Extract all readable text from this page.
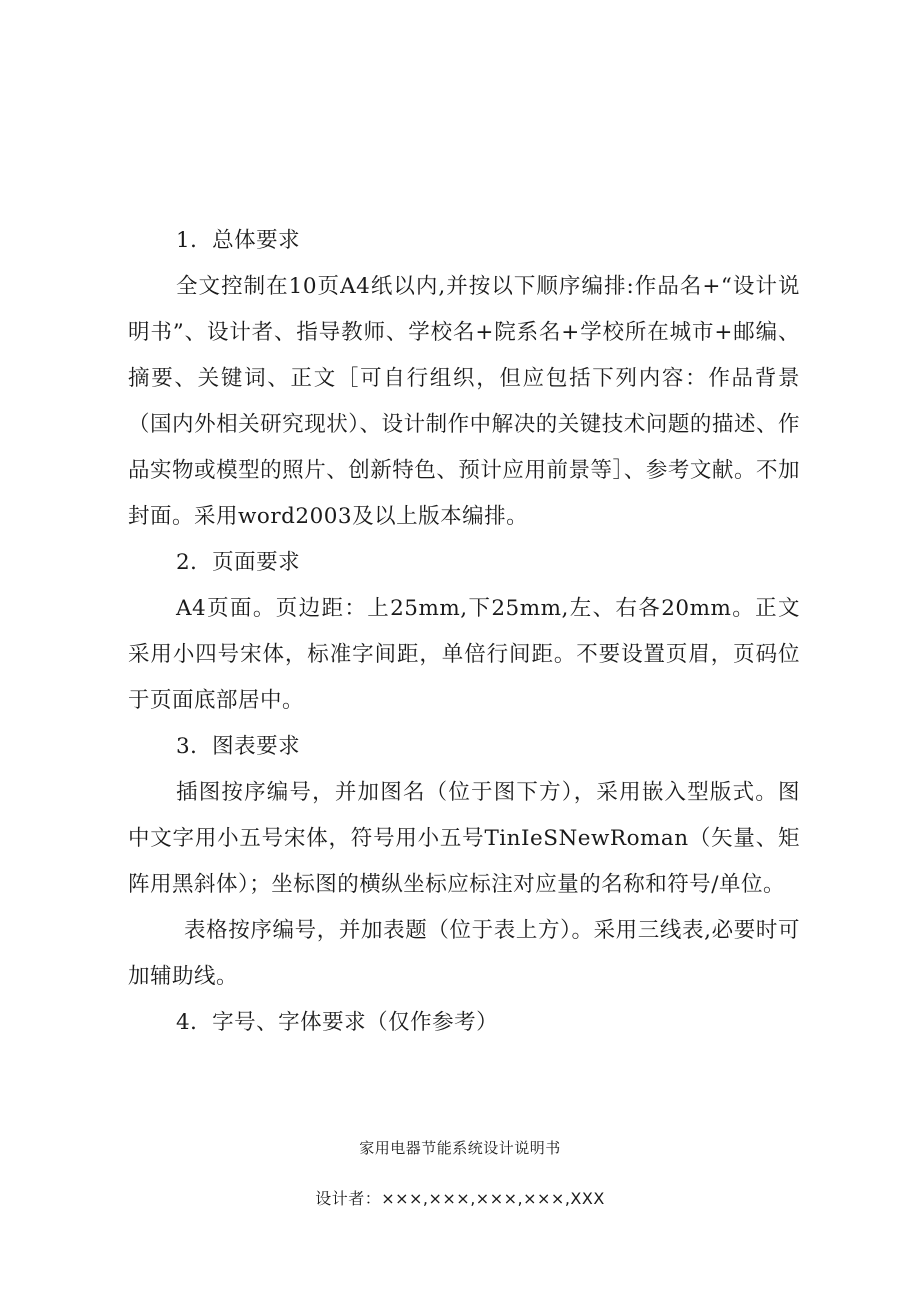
1．总体要求

全文控制在10页A4纸以内,并按以下顺序编排:作品名+“设计说明书”、设计者、指导教师、学校名+院系名+学校所在城市+邮编、摘要、关键词、正文［可自行组织，但应包括下列内容：作品背景（国内外相关研究现状）、设计制作中解决的关键技术问题的描述、作品实物或模型的照片、创新特色、预计应用前景等］、参考文献。不加封面。采用word2003及以上版本编排。

2．页面要求

A4页面。页边距：上25mm,下25mm,左、右各20mm。正文采用小四号宋体，标准字间距，单倍行间距。不要设置页眉，页码位于页面底部居中。

3．图表要求

插图按序编号，并加图名（位于图下方），采用嵌入型版式。图中文字用小五号宋体，符号用小五号TinIeSNewRoman（矢量、矩阵用黑斜体）；坐标图的横纵坐标应标注对应量的名称和符号/单位。

表格按序编号，并加表题（位于表上方）。采用三线表,必要时可加辅助线。

4．字号、字体要求（仅作参考）

家用电器节能系统设计说明书
设计者：×××,×××,×××,×××,XXX
